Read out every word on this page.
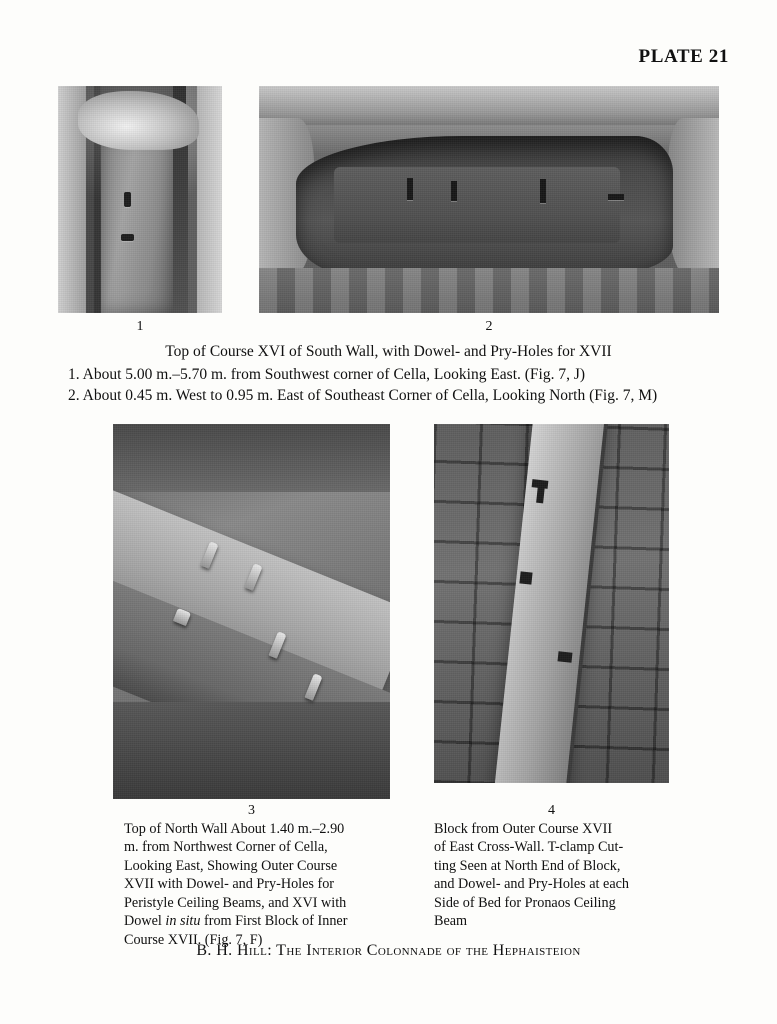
PLATE 21
1	2
Top of Course XVI of South Wall, with Dowel- and Pry-Holes for XVII
1. About 5.00 m.–5.70 m. from Southwest corner of Cella, Looking East. (Fig. 7, J)
2. About 0.45 m. West to 0.95 m. East of Southeast Corner of Cella, Looking North (Fig. 7, M)
3	4
Top of North Wall About 1.40 m.–2.90
m. from Northwest Corner of Cella,
Looking East, Showing Outer Course
XVII with Dowel- and Pry-Holes for
Peristyle Ceiling Beams, and XVI with
Dowel in situ from First Block of Inner
Course XVII. (Fig. 7, F)
Block from Outer Course XVII
of East Cross-Wall. T-clamp Cut-
ting Seen at North End of Block,
and Dowel- and Pry-Holes at each
Side of Bed for Pronaos Ceiling
Beam
B. H. Hill: The Interior Colonnade of the Hephaisteion
